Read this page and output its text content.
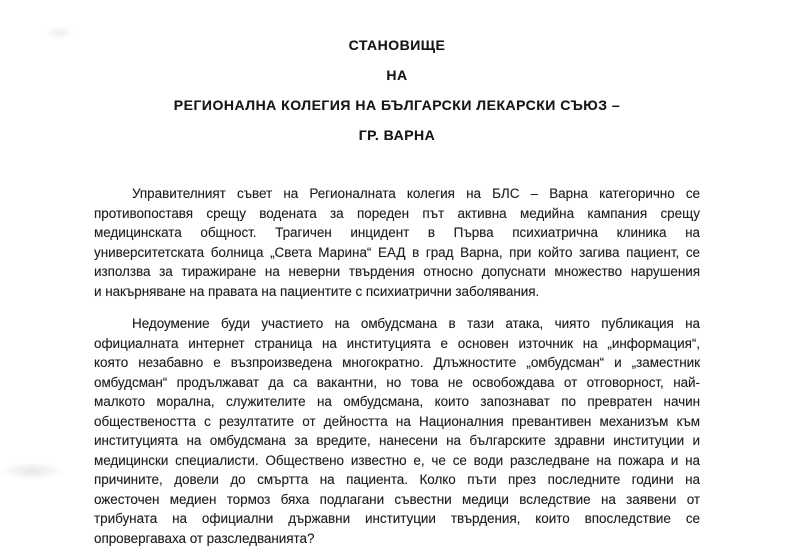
СТАНОВИЩЕ
НА
РЕГИОНАЛНА КОЛЕГИЯ НА БЪЛГАРСКИ ЛЕКАРСКИ СЪЮЗ –
ГР. ВАРНА
Управителният съвет на Регионалната колегия на БЛС – Варна категорично се
противопоставя срещу водената за пореден път активна медийна кампания срещу
медицинската общност. Трагичен инцидент в Първа психиатрична клиника на
университетската болница „Света Марина“ ЕАД в град Варна, при който загива пациент, се
използва за тиражиране на неверни твърдения относно допуснати множество нарушения
и накърняване на правата на пациентите с психиатрични заболявания.
Недоумение буди участието на омбудсмана в тази атака, чиято публикация на
официалната интернет страница на институцията е основен източник на „информация“,
която незабавно е възпроизведена многократно. Длъжностите „омбудсман“ и „заместник
омбудсман“ продължават да са вакантни, но това не освобождава от отговорност, най-
малкото морална, служителите на омбудсмана, които запознават по превратен начин
обществеността с резултатите от дейността на Националния превантивен механизъм към
институцията на омбудсмана за вредите, нанесени на българските здравни институции и
медицински специалисти. Обществено известно е, че се води разследване на пожара и на
причините, довели до смъртта на пациента. Колко пъти през последните години на
ожесточен медиен тормоз бяха подлагани съвестни медици вследствие на заявени от
трибуната на официални държавни институции твърдения, които впоследствие се
опровергаваха от разследванията?
